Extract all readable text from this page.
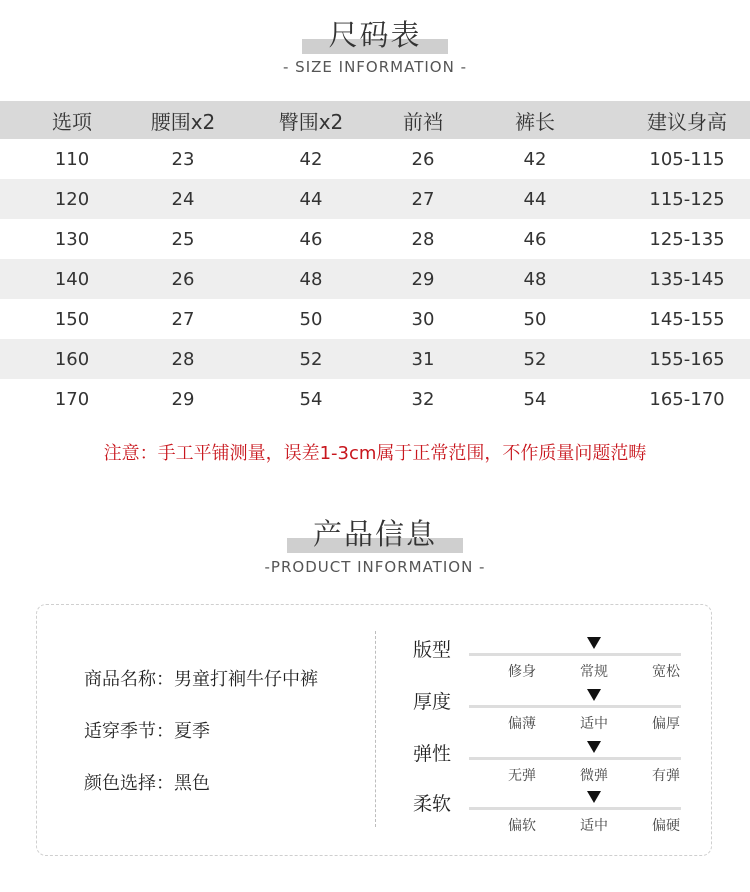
尺码表
- SIZE INFORMATION -
选项	腰围x2	臀围x2	前裆	裤长	建议身高
110	23	42	26	42	105-115
120	24	44	27	44	115-125
130	25	46	28	46	125-135
140	26	48	29	48	135-145
150	27	50	30	50	145-155
160	28	52	31	52	155-165
170	29	54	32	54	165-170
注意：手工平铺测量，误差1-3cm属于正常范围，不作质量问题范畴
产品信息
-PRODUCT INFORMATION -
商品名称：男童打裥牛仔中裤
适穿季节：夏季
颜色选择：黑色
版型
修身	常规	宽松
厚度
偏薄	适中	偏厚
弹性
无弹	微弹	有弹
柔软
偏软	适中	偏硬
